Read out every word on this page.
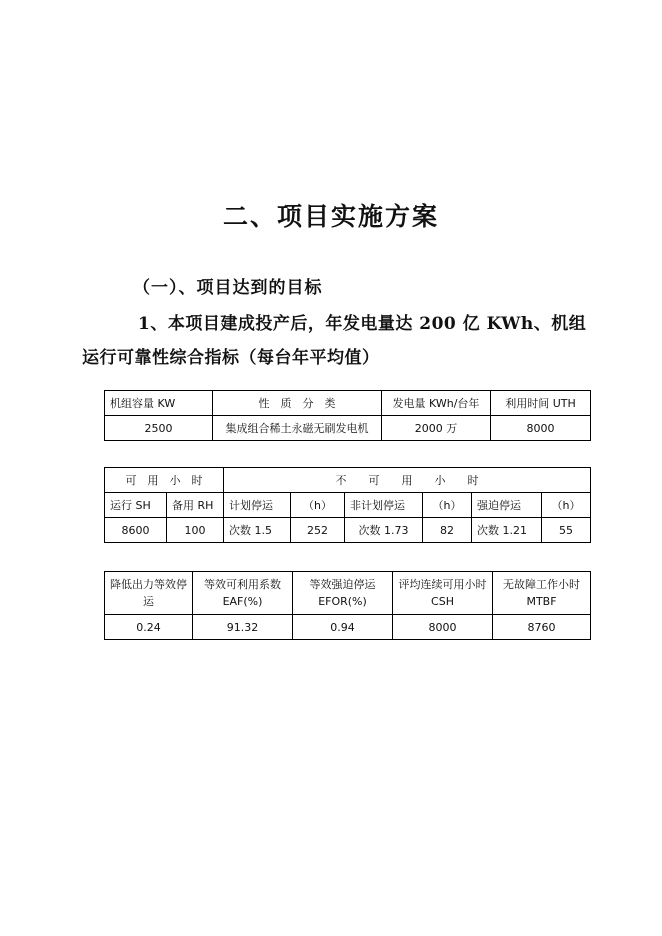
二、项目实施方案
（一）、项目达到的目标
1、本项目建成投产后，年发电量达 200 亿 KWh、机组
运行可靠性综合指标（每台年平均值）
机组容量 KW	性　质　分　类	发电量 KWh/台年	利用时间 UTH
2500	集成组合稀土永磁无刷发电机	2000 万	8000
可　用　小　时		不　　可　　用　　小　　时					
运行 SH	备用 RH	计划停运	（h）	非计划停运	（h）	强迫停运	（h）
8600	100	次数 1.5	252	次数 1.73	82	次数 1.21	55
降低出力等效停运	等效可利用系数 EAF(%)	等效强迫停运 EFOR(%)	评均连续可用小时 CSH	无故障工作小时 MTBF
0.24	91.32	0.94	8000	8760
